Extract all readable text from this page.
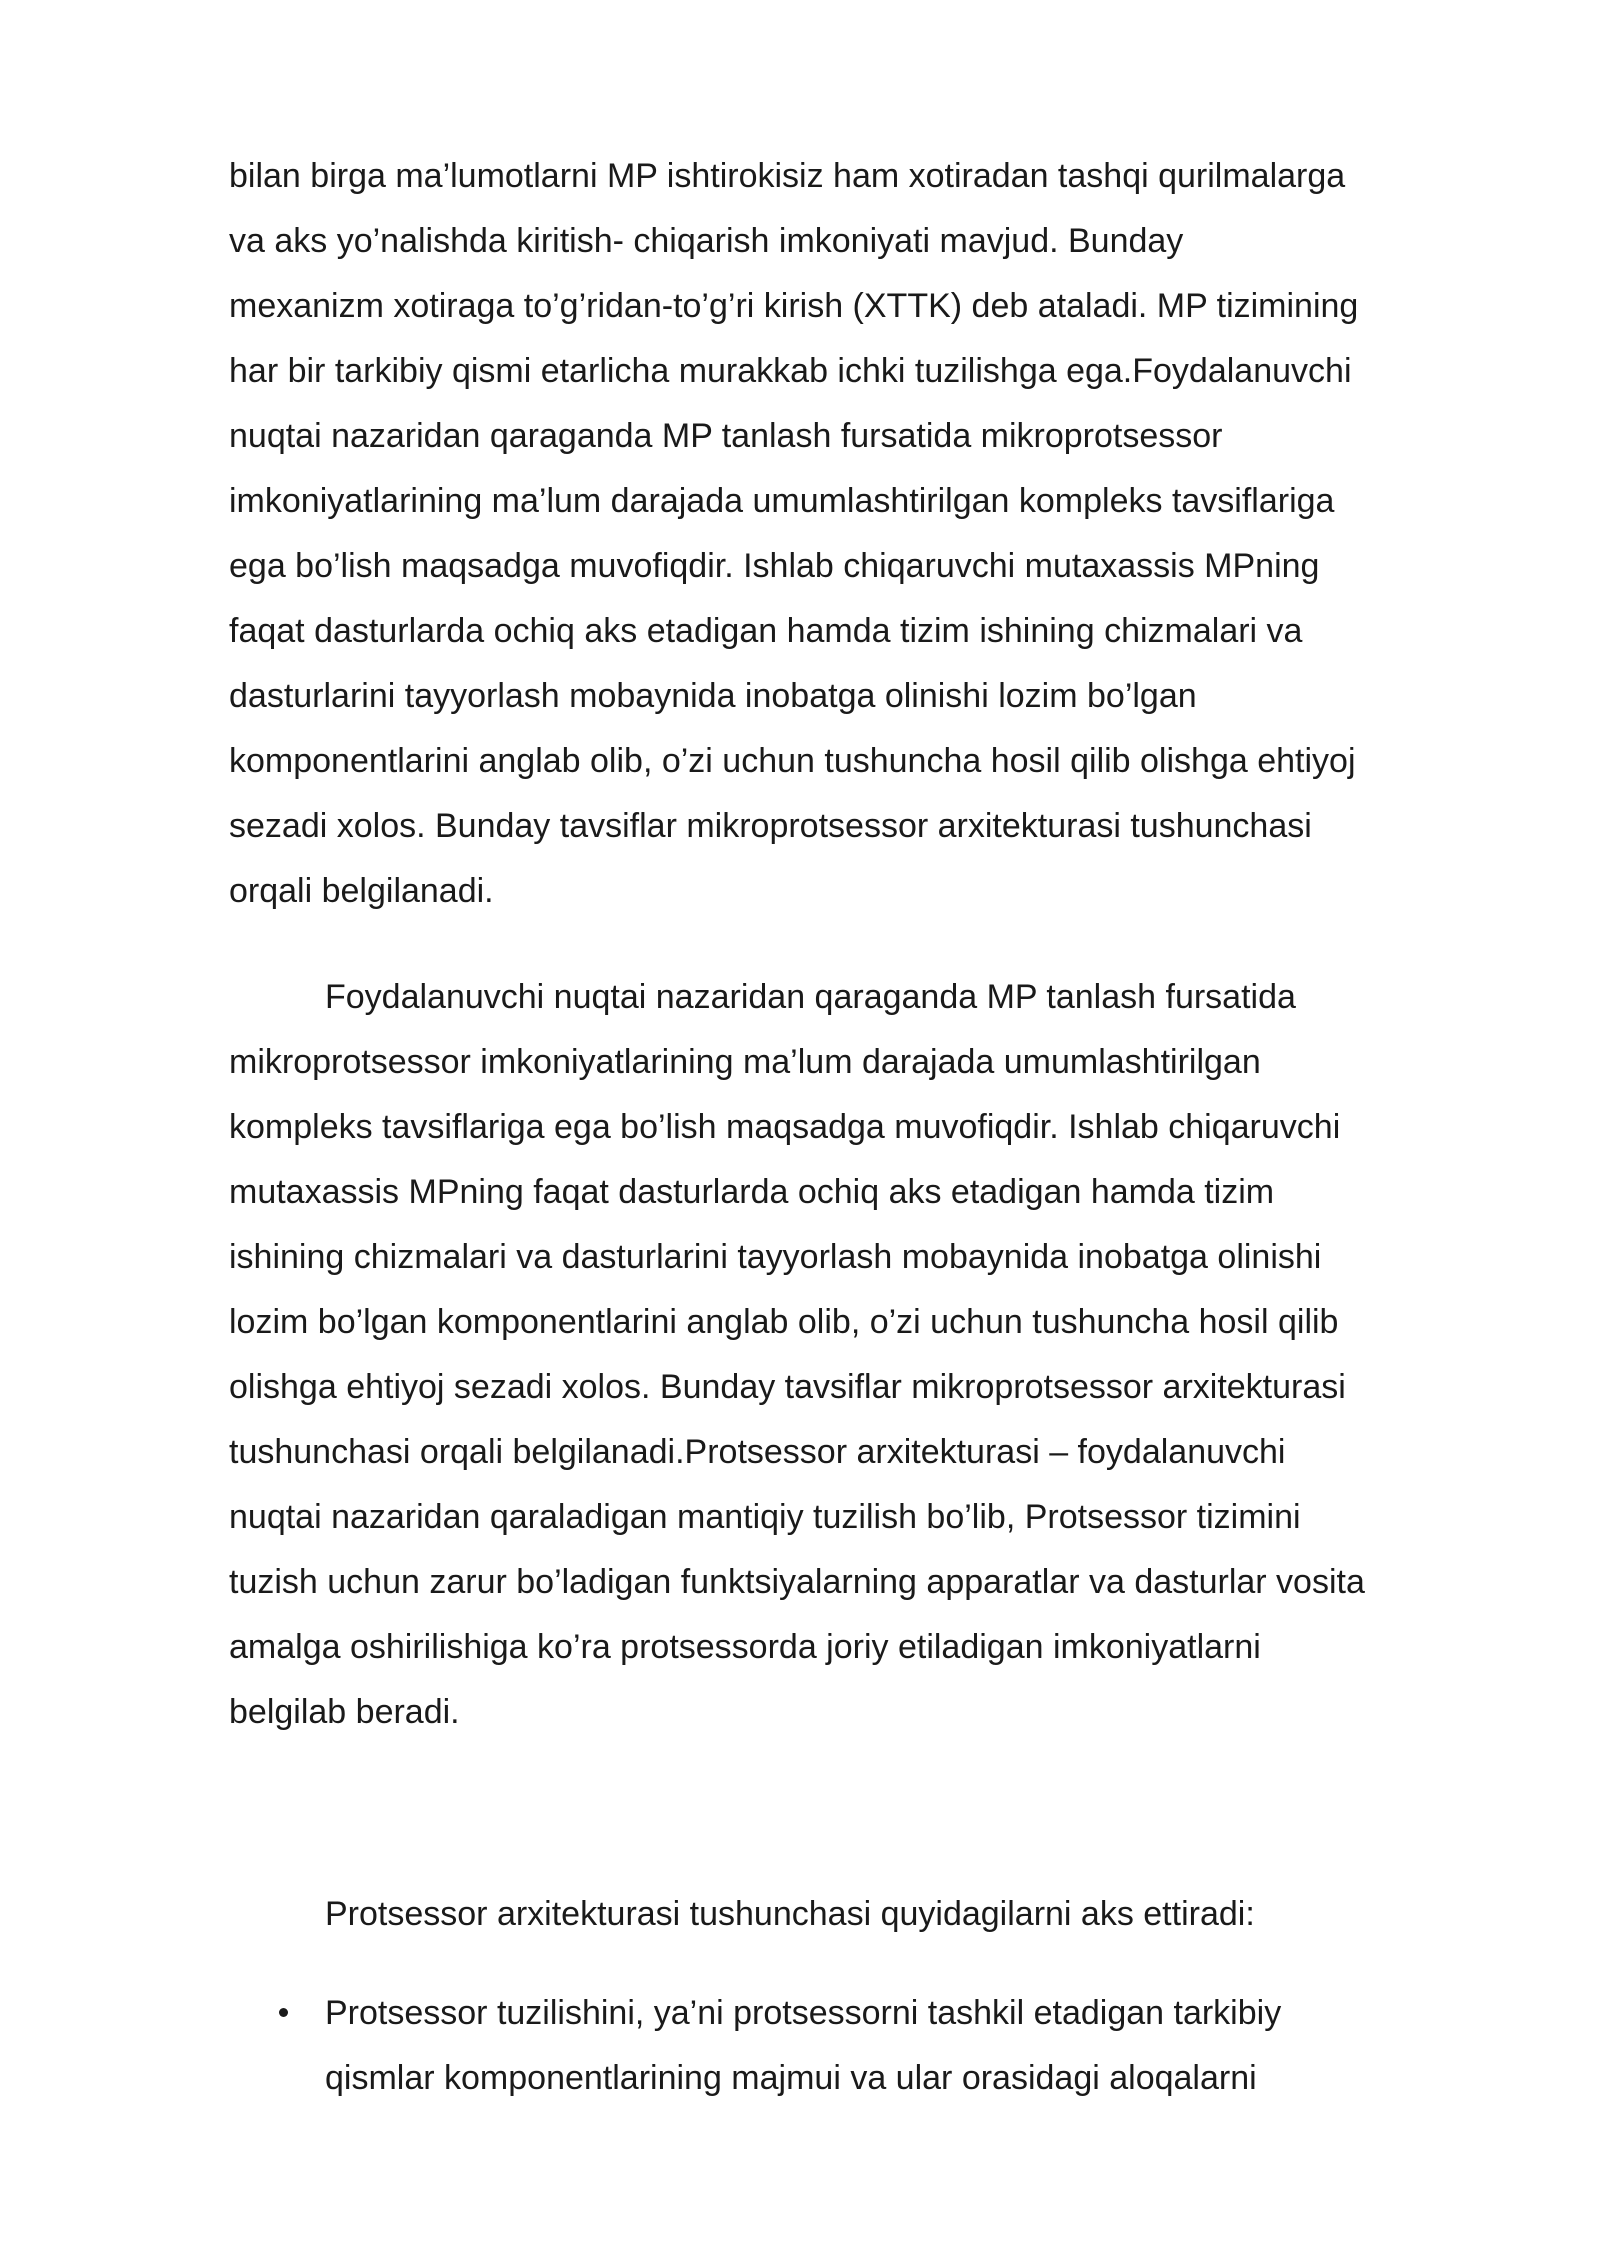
bilan birga ma’lumotlarni MP ishtirokisiz ham xotiradan tashqi qurilmalarga
va aks yo’nalishda kiritish- chiqarish imkoniyati mavjud. Bunday
mexanizm xotiraga to’g’ridan-to’g’ri kirish (XTTK) deb ataladi. MP tizimining
har bir tarkibiy qismi etarlicha murakkab ichki tuzilishga ega.Foydalanuvchi
nuqtai nazaridan qaraganda MP tanlash fursatida mikroprotsessor
imkoniyatlarining ma’lum darajada umumlashtirilgan kompleks tavsiflariga
ega bo’lish maqsadga muvofiqdir. Ishlab chiqaruvchi mutaxassis MPning
faqat dasturlarda ochiq aks etadigan hamda tizim ishining chizmalari va
dasturlarini tayyorlash mobaynida inobatga olinishi lozim bo’lgan
komponentlarini anglab olib, o’zi uchun tushuncha hosil qilib olishga ehtiyoj
sezadi xolos. Bunday tavsiflar mikroprotsessor arxitekturasi tushunchasi
orqali belgilanadi.
Foydalanuvchi nuqtai nazaridan qaraganda MP tanlash fursatida
mikroprotsessor imkoniyatlarining ma’lum darajada umumlashtirilgan
kompleks tavsiflariga ega bo’lish maqsadga muvofiqdir. Ishlab chiqaruvchi
mutaxassis MPning faqat dasturlarda ochiq aks etadigan hamda tizim
ishining chizmalari va dasturlarini tayyorlash mobaynida inobatga olinishi
lozim bo’lgan komponentlarini anglab olib, o’zi uchun tushuncha hosil qilib
olishga ehtiyoj sezadi xolos. Bunday tavsiflar mikroprotsessor arxitekturasi
tushunchasi orqali belgilanadi.Protsessor arxitekturasi – foydalanuvchi
nuqtai nazaridan qaraladigan mantiqiy tuzilish bo’lib, Protsessor tizimini
tuzish uchun zarur bo’ladigan funktsiyalarning apparatlar va dasturlar vosita
amalga oshirilishiga ko’ra protsessorda joriy etiladigan imkoniyatlarni
belgilab beradi.
Protsessor arxitekturasi tushunchasi quyidagilarni aks ettiradi:
Protsessor tuzilishini, ya’ni protsessorni tashkil etadigan tarkibiy
qismlar komponentlarining majmui va ular orasidagi aloqalarni
